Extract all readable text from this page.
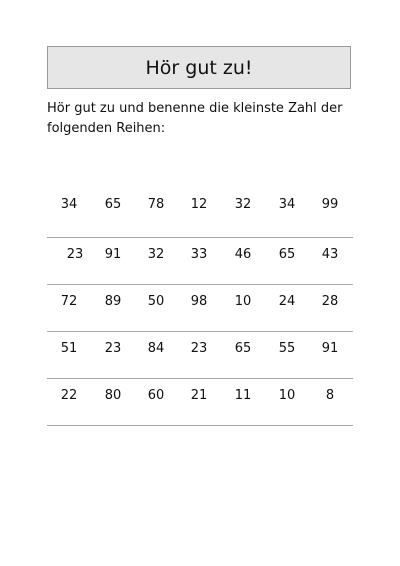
Hör gut zu!
Hör gut zu und benenne die kleinste Zahl der folgenden Reihen:
34	65	78	12	32	34	99
23	91	32	33	46	65	43
72	89	50	98	10	24	28
51	23	84	23	65	55	91
22	80	60	21	11	10	8
